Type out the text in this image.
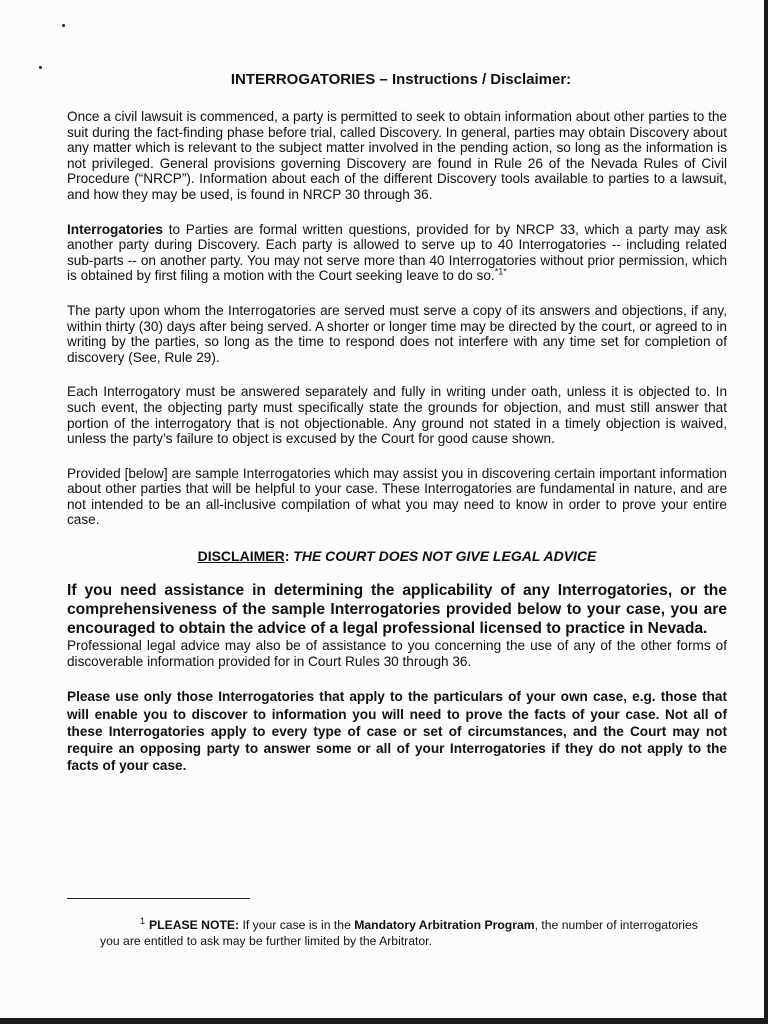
INTERROGATORIES – Instructions / Disclaimer:

Once a civil lawsuit is commenced, a party is permitted to seek to obtain information about other parties to the suit during the fact-finding phase before trial, called Discovery. In general, parties may obtain Discovery about any matter which is relevant to the subject matter involved in the pending action, so long as the information is not privileged. General provisions governing Discovery are found in Rule 26 of the Nevada Rules of Civil Procedure (“NRCP”). Information about each of the different Discovery tools available to parties to a lawsuit, and how they may be used, is found in NRCP 30 through 36.

Interrogatories to Parties are formal written questions, provided for by NRCP 33, which a party may ask another party during Discovery. Each party is allowed to serve up to 40 Interrogatories -- including related sub-parts -- on another party. You may not serve more than 40 Interrogatories without prior permission, which is obtained by first filing a motion with the Court seeking leave to do so.$^{*1*}$

The party upon whom the Interrogatories are served must serve a copy of its answers and objections, if any, within thirty (30) days after being served. A shorter or longer time may be directed by the court, or agreed to in writing by the parties, so long as the time to respond does not interfere with any time set for completion of discovery (See, Rule 29).

Each Interrogatory must be answered separately and fully in writing under oath, unless it is objected to. In such event, the objecting party must specifically state the grounds for objection, and must still answer that portion of the interrogatory that is not objectionable. Any ground not stated in a timely objection is waived, unless the party’s failure to object is excused by the Court for good cause shown.

Provided [below] are sample Interrogatories which may assist you in discovering certain important information about other parties that will be helpful to your case. These Interrogatories are fundamental in nature, and are not intended to be an all-inclusive compilation of what you may need to know in order to prove your entire case.

DISCLAIMER: THE COURT DOES NOT GIVE LEGAL ADVICE
If you need assistance in determining the applicability of any Interrogatories, or the comprehensiveness of the sample Interrogatories provided below to your case, you are encouraged to obtain the advice of a legal professional licensed to practice in Nevada.
Professional legal advice may also be of assistance to you concerning the use of any of the other forms of discoverable information provided for in Court Rules 30 through 36.

Please use only those Interrogatories that apply to the particulars of your own case, e.g. those that will enable you to discover to information you will need to prove the facts of your case. Not all of these Interrogatories apply to every type of case or set of circumstances, and the Court may not require an opposing party to answer some or all of your Interrogatories if they do not apply to the facts of your case.

$^1$ PLEASE NOTE: If your case is in the Mandatory Arbitration Program, the number of interrogatories you are entitled to ask may be further limited by the Arbitrator.
